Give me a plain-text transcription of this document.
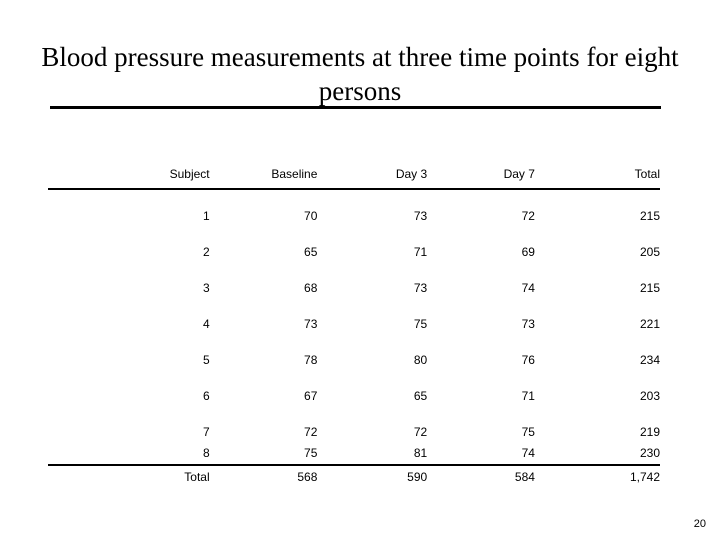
Blood pressure measurements at three time points for eight persons
Subject	Baseline	Day 3	Day 7	Total
1	70	73	72	215
2	65	71	69	205
3	68	73	74	215
4	73	75	73	221
5	78	80	76	234
6	67	65	71	203
7	72	72	75	219
8	75	81	74	230
Total	568	590	584	1,742
20
